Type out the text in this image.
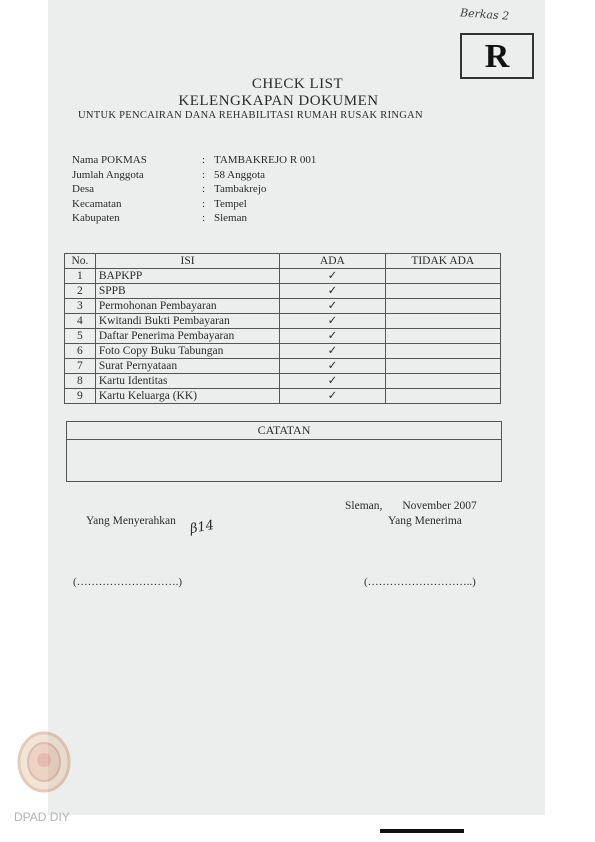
Berkas 2
R
CHECK LIST
KELENGKAPAN DOKUMEN
UNTUK PENCAIRAN DANA REHABILITASI RUMAH RUSAK RINGAN
Nama POKMAS	: TAMBAKREJO R 001
Jumlah Anggota	: 58 Anggota
Desa	: Tambakrejo
Kecamatan	: Tempel
Kabupaten	: Sleman
No.	ISI	ADA	TIDAK ADA
1	BAPKPP	✓	
2	SPPB	✓	
3	Permohonan Pembayaran	✓	
4	Kwitandi Bukti Pembayaran	✓	
5	Daftar Penerima Pembayaran	✓	
6	Foto Copy Buku Tabungan	✓	
7	Surat Pernyataan	✓	
8	Kartu Identitas	✓	
9	Kartu Keluarga (KK)	✓	
CATATAN
Sleman, November 2007
Yang Menyerahkan	Yang Menerima
β14
(……………………….)	(………………………..)
DPAD DIY
